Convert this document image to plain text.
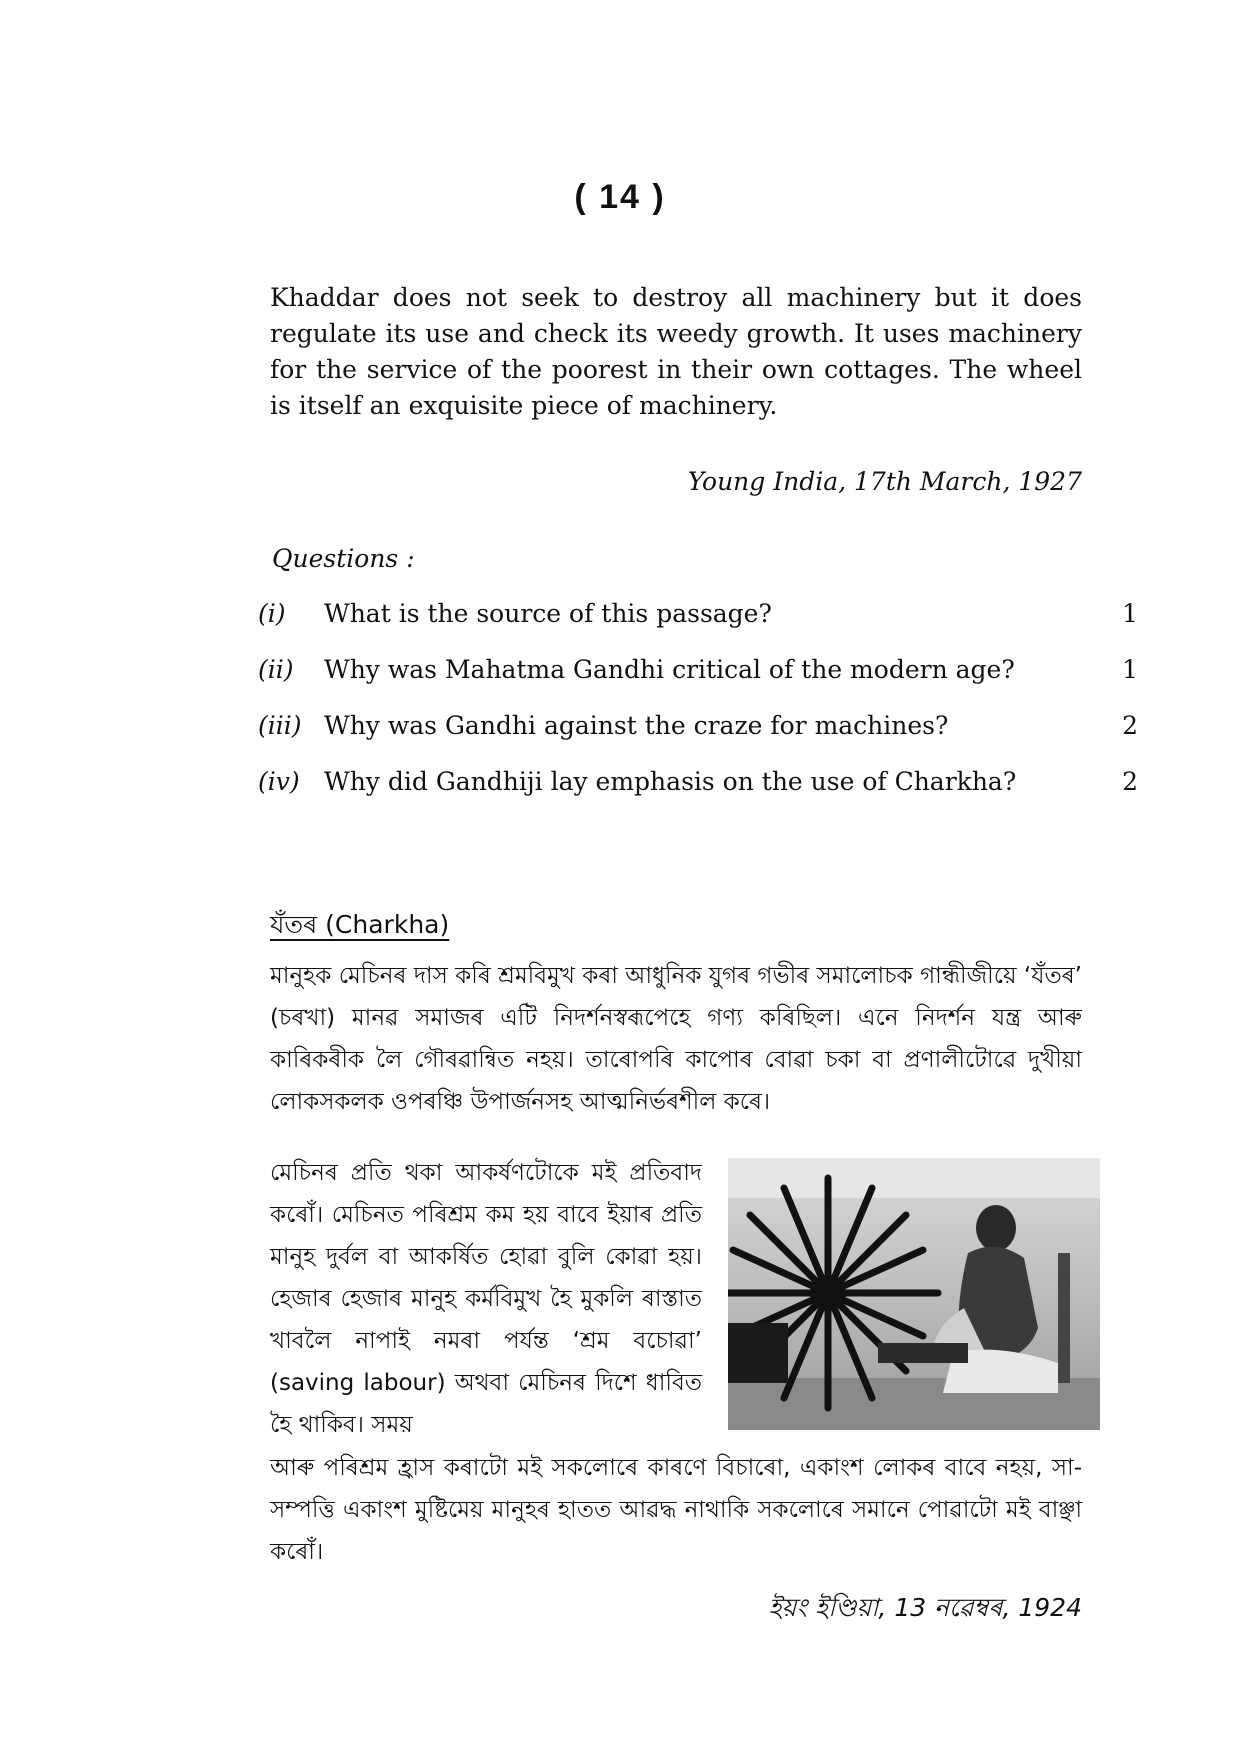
( 14 )

Khaddar does not seek to destroy all machinery but it does regulate its use and check its weedy growth. It uses machinery for the service of the poorest in their own cottages. The wheel is itself an exquisite piece of machinery.

Young India, 17th March, 1927
Questions :
(i) What is the source of this passage?	1
(ii) Why was Mahatma Gandhi critical of the modern age?	1
(iii) Why was Gandhi against the craze for machines?	2
(iv) Why did Gandhiji lay emphasis on the use of Charkha?	2
যঁতৰ (Charkha)

মানুহক মেচিনৰ দাস কৰি শ্ৰমবিমুখ কৰা আধুনিক যুগৰ গভীৰ সমালোচক গান্ধীজীয়ে ‘যঁতৰ’ (চৰখা) মানৱ সমাজৰ এটি নিদৰ্শনস্বৰূপেহে গণ্য কৰিছিল। এনে নিদৰ্শন যন্ত্ৰ আৰু কাৰিকৰীক লৈ গৌৰৱান্বিত নহয়। তাৰোপৰি কাপোৰ বোৱা চকা বা প্ৰণালীটোৱে দুখীয়া লোকসকলক ওপৰঞ্চি উপাৰ্জনসহ আত্মনিৰ্ভৰশীল কৰে।

মেচিনৰ প্ৰতি থকা আকৰ্ষণটোকে মই প্ৰতিবাদ কৰোঁ। মেচিনত পৰিশ্ৰম কম হয় বাবে ইয়াৰ প্ৰতি মানুহ দুৰ্বল বা আকৰ্ষিত হোৱা বুলি কোৱা হয়। হেজাৰ হেজাৰ মানুহ কৰ্মবিমুখ হৈ মুকলি ৰাস্তাত খাবলৈ নাপাই নমৰা পৰ্যন্ত ‘শ্ৰম বচোৱা’ (saving labour) অথবা মেচিনৰ দিশে ধাবিত হৈ থাকিব। সময়

আৰু পৰিশ্ৰম হ্ৰাস কৰাটো মই সকলোৰে কাৰণে বিচাৰো, একাংশ লোকৰ বাবে নহয়, সা-সম্পত্তি একাংশ মুষ্টিমেয় মানুহৰ হাতত আৱদ্ধ নাথাকি সকলোৰে সমানে পোৱাটো মই বাঞ্ছা কৰোঁ।

ইয়ং ইণ্ডিয়া, 13 নৱেম্বৰ, 1924
